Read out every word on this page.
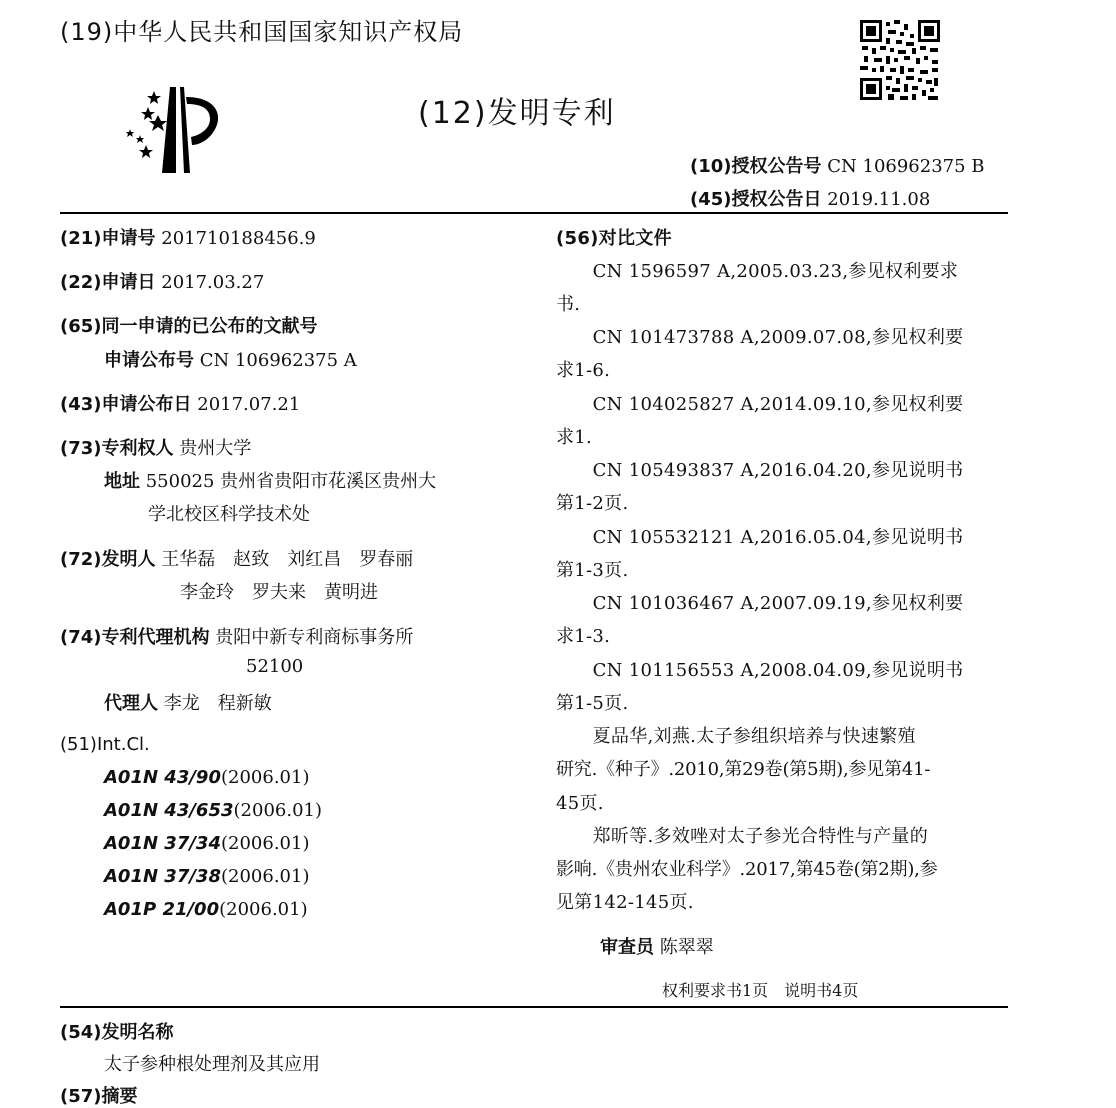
(19)中华人民共和国国家知识产权局
(12)发明专利
(10)授权公告号 CN 106962375 B
(45)授权公告日 2019.11.08
(21)申请号 201710188456.9
(22)申请日 2017.03.27
(65)同一申请的已公布的文献号
申请公布号 CN 106962375 A
(43)申请公布日 2017.07.21
(73)专利权人 贵州大学
地址 550025 贵州省贵阳市花溪区贵州大
学北校区科学技术处
(72)发明人 王华磊　赵致　刘红昌　罗春丽
李金玲　罗夫来　黄明进
(74)专利代理机构 贵阳中新专利商标事务所
52100
代理人 李龙　程新敏
(51)Int.Cl.
A01N 43/90(2006.01)
A01N 43/653(2006.01)
A01N 37/34(2006.01)
A01N 37/38(2006.01)
A01P 21/00(2006.01)
(56)对比文件
　　CN 1596597 A,2005.03.23,参见权利要求
书.
　　CN 101473788 A,2009.07.08,参见权利要
求1-6.
　　CN 104025827 A,2014.09.10,参见权利要
求1.
　　CN 105493837 A,2016.04.20,参见说明书
第1-2页.
　　CN 105532121 A,2016.05.04,参见说明书
第1-3页.
　　CN 101036467 A,2007.09.19,参见权利要
求1-3.
　　CN 101156553 A,2008.04.09,参见说明书
第1-5页.
　　夏品华,刘燕.太子参组织培养与快速繁殖
研究.《种子》.2010,第29卷(第5期),参见第41-
45页.
　　郑昕等.多效唑对太子参光合特性与产量的
影响.《贵州农业科学》.2017,第45卷(第2期),参
见第142-145页.
审查员 陈翠翠
权利要求书1页　说明书4页
(54)发明名称
太子参种根处理剂及其应用
(57)摘要
